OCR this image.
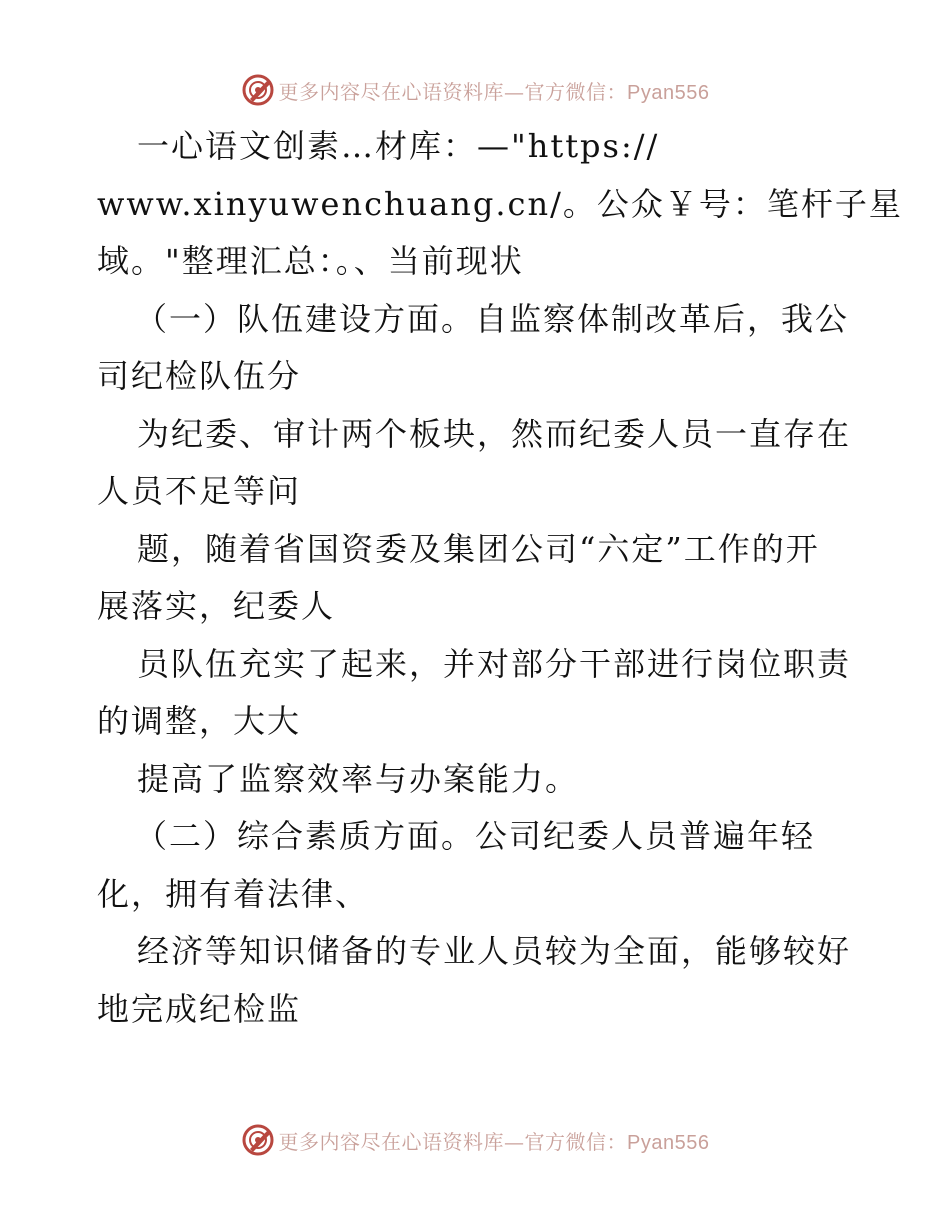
更多内容尽在心语资料库—官方微信：Pyan556
一心语文创素…材库：—"https://
www.xinyuwenchuang.cn/。公众￥号：笔杆子星
域。"整理汇总：。、当前现状
（一）队伍建设方面。自监察体制改革后，我公
司纪检队伍分
为纪委、审计两个板块，然而纪委人员一直存在
人员不足等问
题，随着省国资委及集团公司“六定”工作的开
展落实，纪委人
员队伍充实了起来，并对部分干部进行岗位职责
的调整，大大
提高了监察效率与办案能力。
（二）综合素质方面。公司纪委人员普遍年轻
化，拥有着法律、
经济等知识储备的专业人员较为全面，能够较好
地完成纪检监
更多内容尽在心语资料库—官方微信：Pyan556
